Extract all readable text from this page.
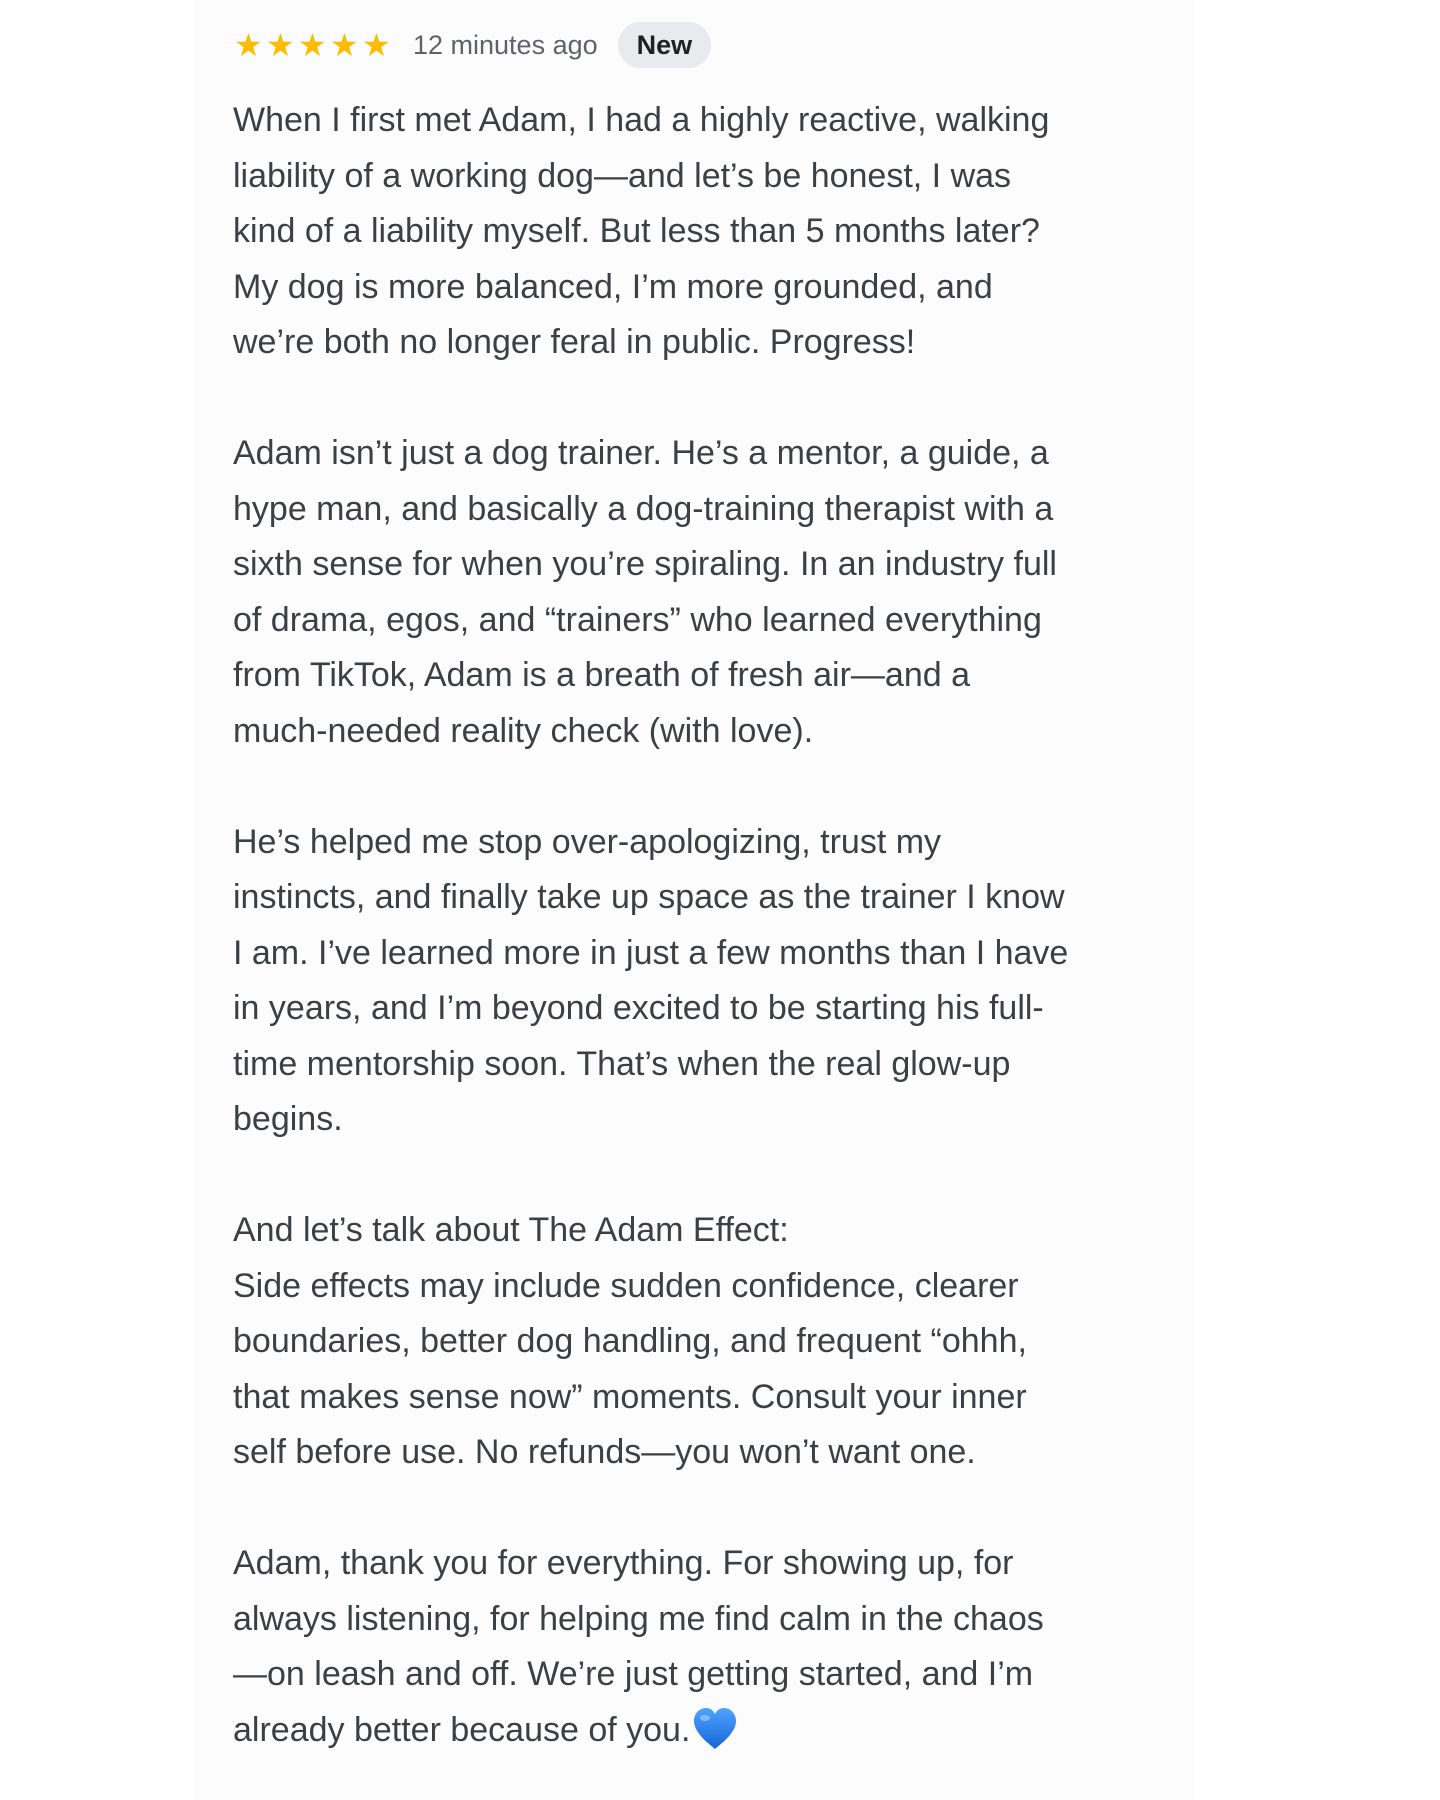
★ ★ ★ ★ ★ 12 minutes ago	New

When I first met Adam, I had a highly reactive, walking
liability of a working dog—and let’s be honest, I was
kind of a liability myself. But less than 5 months later?
My dog is more balanced, I’m more grounded, and
we’re both no longer feral in public. Progress!

Adam isn’t just a dog trainer. He’s a mentor, a guide, a
hype man, and basically a dog-training therapist with a
sixth sense for when you’re spiraling. In an industry full
of drama, egos, and “trainers” who learned everything
from TikTok, Adam is a breath of fresh air—and a
much-needed reality check (with love).

He’s helped me stop over-apologizing, trust my
instincts, and finally take up space as the trainer I know
I am. I’ve learned more in just a few months than I have
in years, and I’m beyond excited to be starting his full-
time mentorship soon. That’s when the real glow-up
begins.

And let’s talk about The Adam Effect:
Side effects may include sudden confidence, clearer
boundaries, better dog handling, and frequent “ohhh,
that makes sense now” moments. Consult your inner
self before use. No refunds—you won’t want one.

Adam, thank you for everything. For showing up, for
always listening, for helping me find calm in the chaos
—on leash and off. We’re just getting started, and I’m
already better because of you.
